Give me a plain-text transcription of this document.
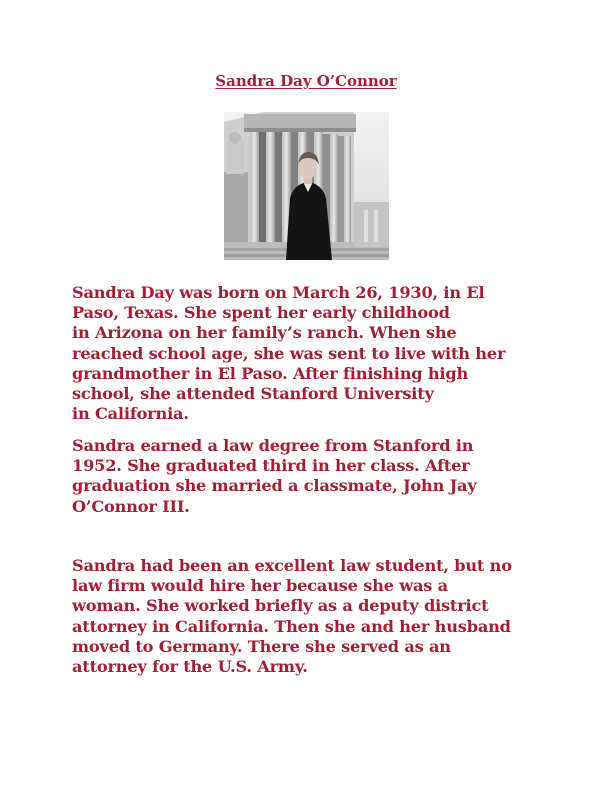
Sandra Day O’Connor
Sandra Day was born on March 26, 1930, in El
Paso, Texas. She spent her early childhood
in Arizona on her family’s ranch. When she
reached school age, she was sent to live with her
grandmother in El Paso. After finishing high
school, she attended Stanford University
in California.
Sandra earned a law degree from Stanford in
1952. She graduated third in her class. After
graduation she married a classmate, John Jay
O’Connor III.
Sandra had been an excellent law student, but no
law firm would hire her because she was a
woman. She worked briefly as a deputy district
attorney in California. Then she and her husband
moved to Germany. There she served as an
attorney for the U.S. Army.
